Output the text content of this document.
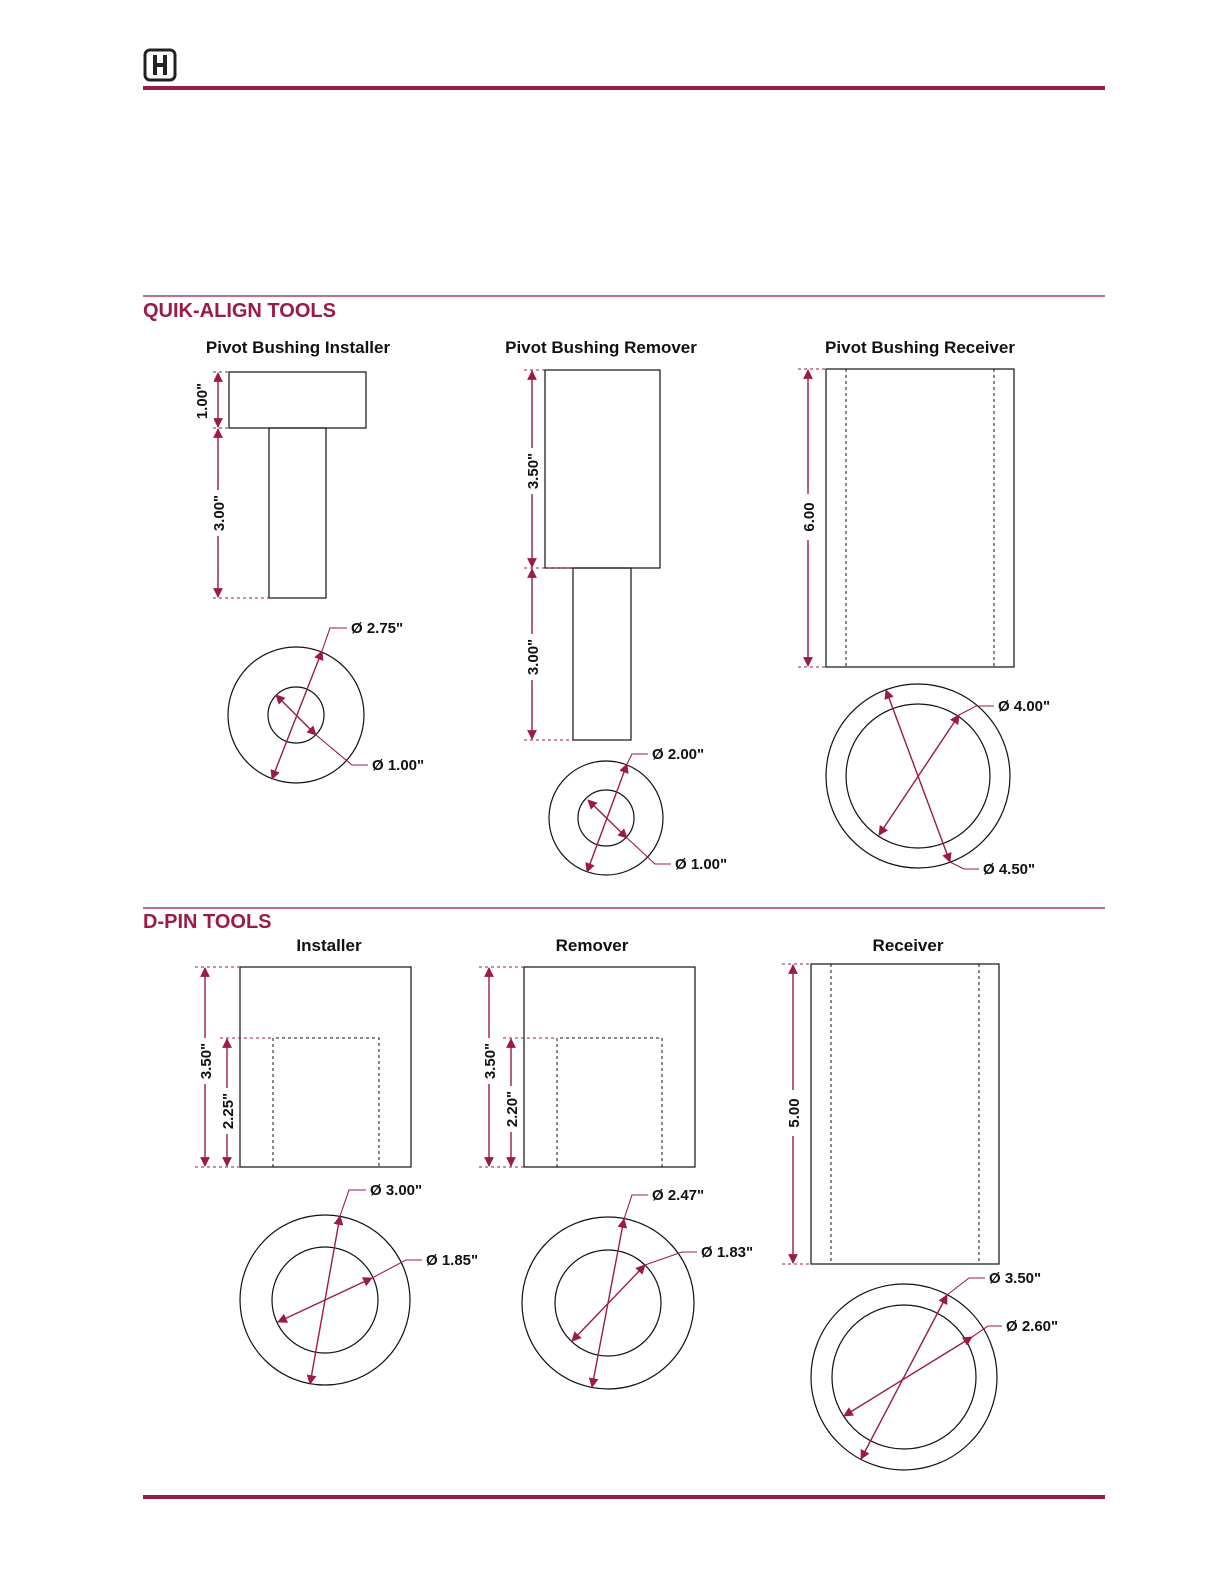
QUIK-ALIGN TOOLS
Pivot Bushing Installer
1.00"
3.00"
Ø 2.75"
Ø 1.00"
Pivot Bushing Remover
3.50"
3.00"
Ø 2.00"
Ø 1.00"
Pivot Bushing Receiver
6.00
Ø 4.00"
Ø 4.50"
D-PIN TOOLS
Installer
3.50"
2.25"
Ø 3.00"
Ø 1.85"
Remover
3.50"
2.20"
Ø 2.47"
Ø 1.83"
Receiver
5.00
Ø 3.50"
Ø 2.60"
